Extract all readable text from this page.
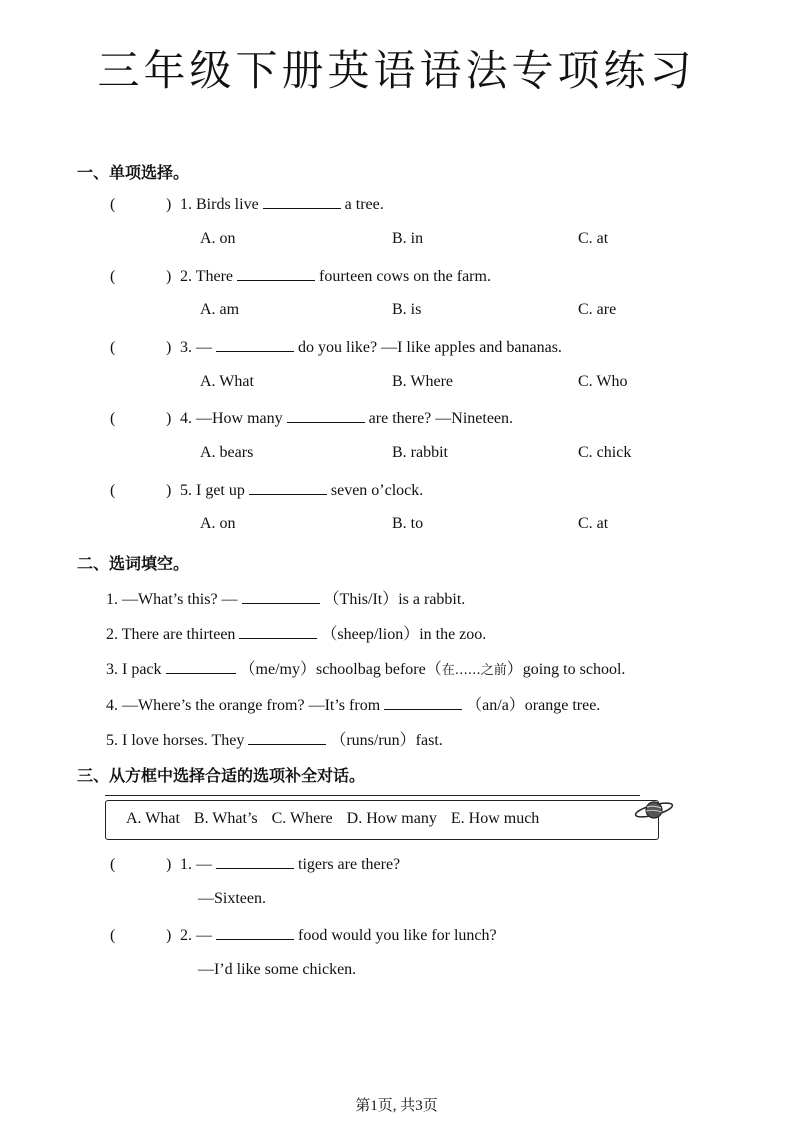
三年级下册英语语法专项练习
一、单项选择。
(	) 1. Birds live	a tree.
A. on	B. in	C. at
(	) 2. There	fourteen cows on the farm.
A. am	B. is	C. are
(	) 3. —	do you like? —I like apples and bananas.
A. What	B. Where	C. Who
(	) 4. —How many	are there? —Nineteen.
A. bears	B. rabbit	C. chick
(	) 5. I get up	seven o’clock.
A. on	B. to	C. at
二、选词填空。
1. —What’s this? —	（This/It）is a rabbit.
2. There are thirteen	（sheep/lion）in the zoo.
3. I pack	（me/my）schoolbag before（在……之前）going to school.
4. —Where’s the orange from? —It’s from	（an/a）orange tree.
5. I love horses. They	（runs/run）fast.
三、从方框中选择合适的选项补全对话。
A. What B. What’s C. Where D. How many E. How much
(	) 1. —	tigers are there?
—Sixteen.
(	) 2. —	food would you like for lunch?
—I’d like some chicken.
第1页, 共3页
